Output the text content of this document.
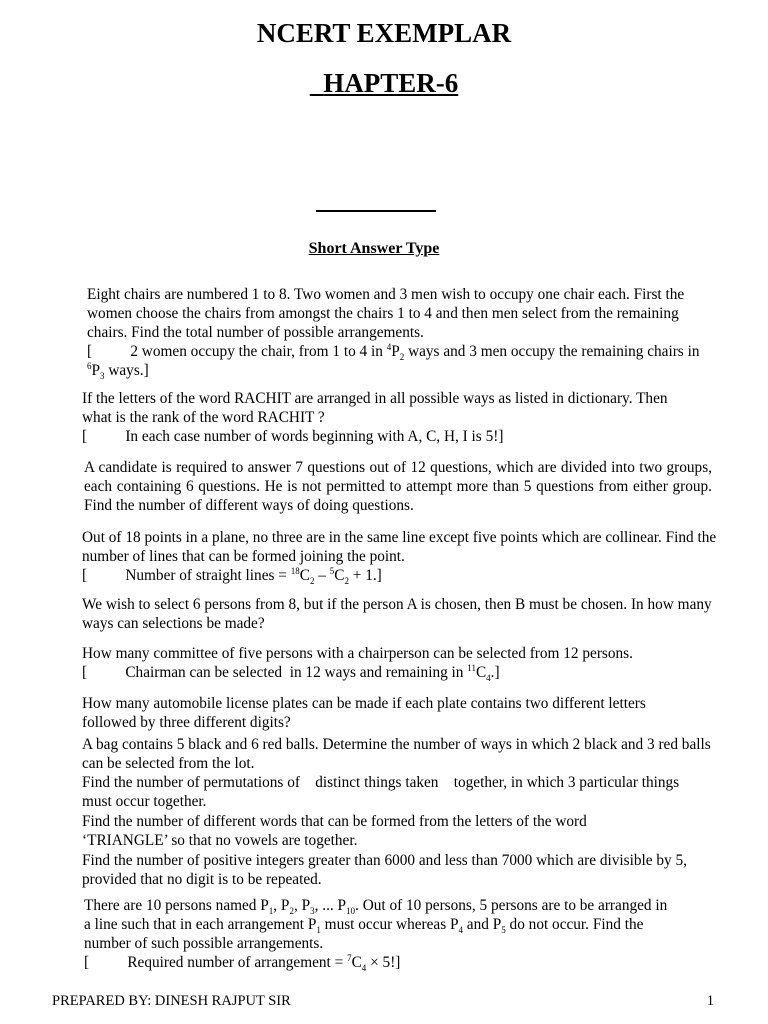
NCERT EXEMPLAR
HAPTER-6
Short Answer Type
Eight chairs are numbered 1 to 8. Two women and 3 men wish to occupy one chair each. First the women choose the chairs from amongst the chairs 1 to 4 and then men select from the remaining chairs. Find the total number of possible arrangements.
[          2 women occupy the chair, from 1 to 4 in $^4P_2$ ways and 3 men occupy the remaining chairs in $^6P_3$ ways.]
If the letters of the word RACHIT are arranged in all possible ways as listed in dictionary. Then what is the rank of the word RACHIT ?
[          In each case number of words beginning with A, C, H, I is 5!]
A candidate is required to answer 7 questions out of 12 questions, which are divided into two groups, each containing 6 questions. He is not permitted to attempt more than 5 questions from either group. Find the number of different ways of doing questions.
Out of 18 points in a plane, no three are in the same line except five points which are collinear. Find the number of lines that can be formed joining the point.
[          Number of straight lines = $^{18}C_2 - ^5C_2 + 1$.]
We wish to select 6 persons from 8, but if the person A is chosen, then B must be chosen. In how many ways can selections be made?
How many committee of five persons with a chairperson can be selected from 12 persons.
[          Chairman can be selected  in 12 ways and remaining in $^{11}C_4$.]
How many automobile license plates can be made if each plate contains two different letters followed by three different digits?
A bag contains 5 black and 6 red balls. Determine the number of ways in which 2 black and 3 red balls can be selected from the lot.
Find the number of permutations of    distinct things taken    together, in which 3 particular things must occur together.
Find the number of different words that can be formed from the letters of the word ‘TRIANGLE’ so that no vowels are together.
Find the number of positive integers greater than 6000 and less than 7000 which are divisible by 5, provided that no digit is to be repeated.
There are 10 persons named $P_1$, $P_2$, $P_3$, ... $P_{10}$. Out of 10 persons, 5 persons are to be arranged in a line such that in each arrangement $P_1$ must occur whereas $P_4$ and $P_5$ do not occur. Find the number of such possible arrangements.
[          Required number of arrangement = $^7C_4 \times 5$!]
PREPARED BY: DINESH RAJPUT SIR	1
